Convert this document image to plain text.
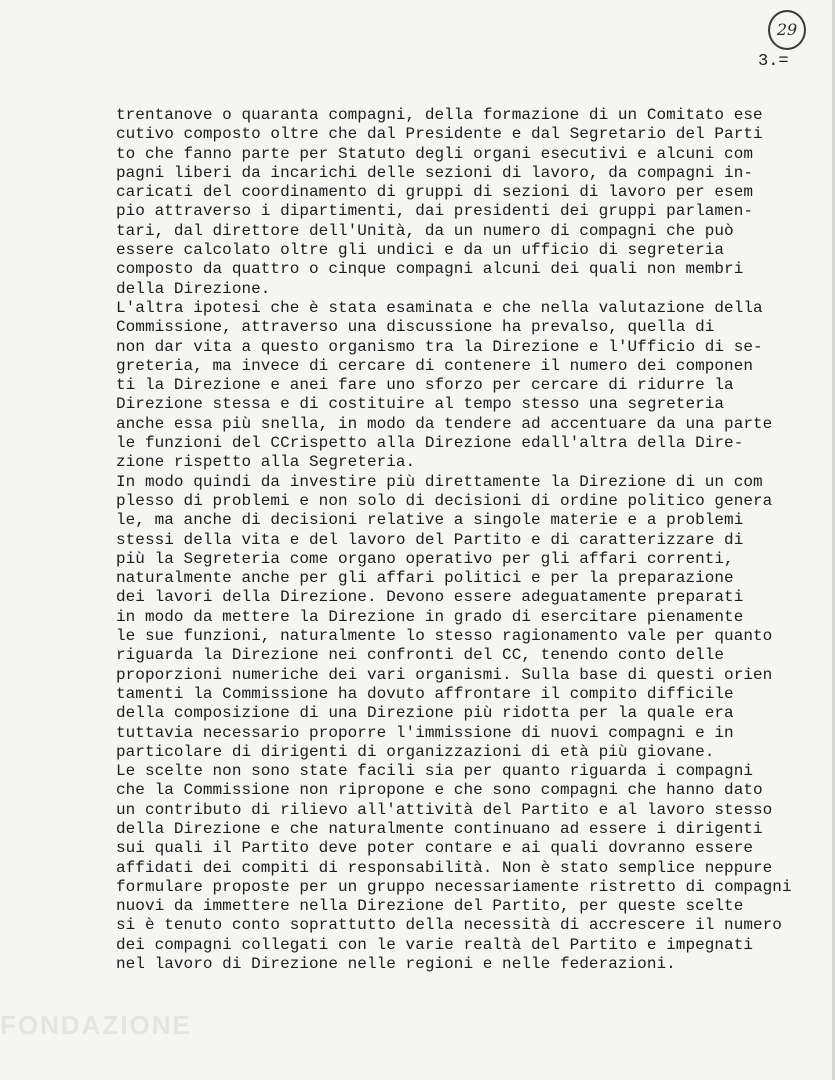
FONDAZIONE
29
3.=
trentanove o quaranta compagni, della formazione di un Comitato ese
cutivo composto oltre che dal Presidente e dal Segretario del Parti
to che fanno parte per Statuto degli organi esecutivi e alcuni com
pagni liberi da incarichi delle sezioni di lavoro, da compagni in-
caricati del coordinamento di gruppi di sezioni di lavoro per esem
pio attraverso i dipartimenti, dai presidenti dei gruppi parlamen-
tari, dal direttore dell'Unità, da un numero di compagni che può
essere calcolato oltre gli undici e da un ufficio di segreteria
composto da quattro o cinque compagni alcuni dei quali non membri
della Direzione.
L'altra ipotesi che è stata esaminata e che nella valutazione della
Commissione, attraverso una discussione ha prevalso, quella di
non dar vita a questo organismo tra la Direzione e l'Ufficio di se-
greteria, ma invece di cercare di contenere il numero dei componen
ti la Direzione e anei fare uno sforzo per cercare di ridurre la
Direzione stessa e di costituire al tempo stesso una segreteria
anche essa più snella, in modo da tendere ad accentuare da una parte
le funzioni del CCrispetto alla Direzione edall'altra della Dire-
zione rispetto alla Segreteria.
In modo quindi da investire più direttamente la Direzione di un com
plesso di problemi e non solo di decisioni di ordine politico genera
le, ma anche di decisioni relative a singole materie e a problemi
stessi della vita e del lavoro del Partito e di caratterizzare di
più la Segreteria come organo operativo per gli affari correnti,
naturalmente anche per gli affari politici e per la preparazione
dei lavori della Direzione. Devono essere adeguatamente preparati
in modo da mettere la Direzione in grado di esercitare pienamente
le sue funzioni, naturalmente lo stesso ragionamento vale per quanto
riguarda la Direzione nei confronti del CC, tenendo conto delle
proporzioni numeriche dei vari organismi. Sulla base di questi orien
tamenti la Commissione ha dovuto affrontare il compito difficile
della composizione di una Direzione più ridotta per la quale era
tuttavia necessario proporre l'immissione di nuovi compagni e in
particolare di dirigenti di organizzazioni di età più giovane.
Le scelte non sono state facili sia per quanto riguarda i compagni
che la Commissione non ripropone e che sono compagni che hanno dato
un contributo di rilievo all'attività del Partito e al lavoro stesso
della Direzione e che naturalmente continuano ad essere i dirigenti
sui quali il Partito deve poter contare e ai quali dovranno essere
affidati dei compiti di responsabilità. Non è stato semplice neppure
formulare proposte per un gruppo necessariamente ristretto di compagni
nuovi da immettere nella Direzione del Partito, per queste scelte
si è tenuto conto soprattutto della necessità di accrescere il numero
dei compagni collegati con le varie realtà del Partito e impegnati
nel lavoro di Direzione nelle regioni e nelle federazioni.
